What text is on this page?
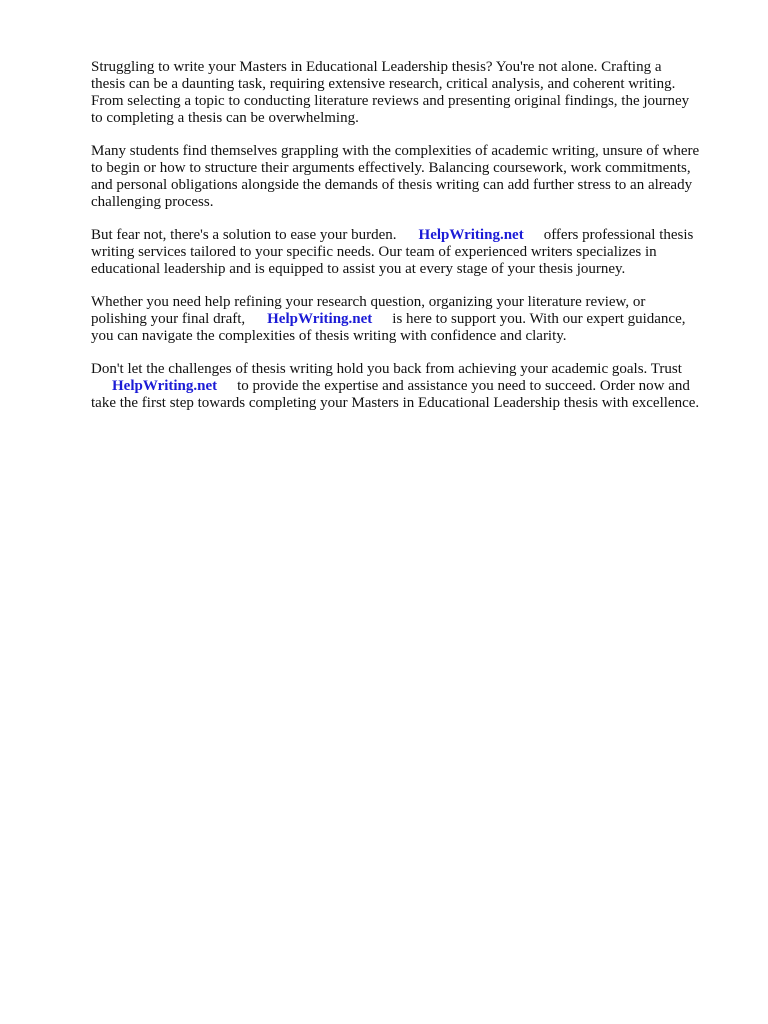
Struggling to write your Masters in Educational Leadership thesis? You're not alone. Crafting a
thesis can be a daunting task, requiring extensive research, critical analysis, and coherent writing.
From selecting a topic to conducting literature reviews and presenting original findings, the journey
to completing a thesis can be overwhelming.

Many students find themselves grappling with the complexities of academic writing, unsure of where
to begin or how to structure their arguments effectively. Balancing coursework, work commitments,
and personal obligations alongside the demands of thesis writing can add further stress to an already
challenging process.

But fear not, there's a solution to ease your burden. HelpWriting.net offers professional thesis
writing services tailored to your specific needs. Our team of experienced writers specializes in
educational leadership and is equipped to assist you at every stage of your thesis journey.

Whether you need help refining your research question, organizing your literature review, or
polishing your final draft, HelpWriting.net is here to support you. With our expert guidance,
you can navigate the complexities of thesis writing with confidence and clarity.

Don't let the challenges of thesis writing hold you back from achieving your academic goals. Trust
HelpWriting.net to provide the expertise and assistance you need to succeed. Order now and
take the first step towards completing your Masters in Educational Leadership thesis with excellence.
